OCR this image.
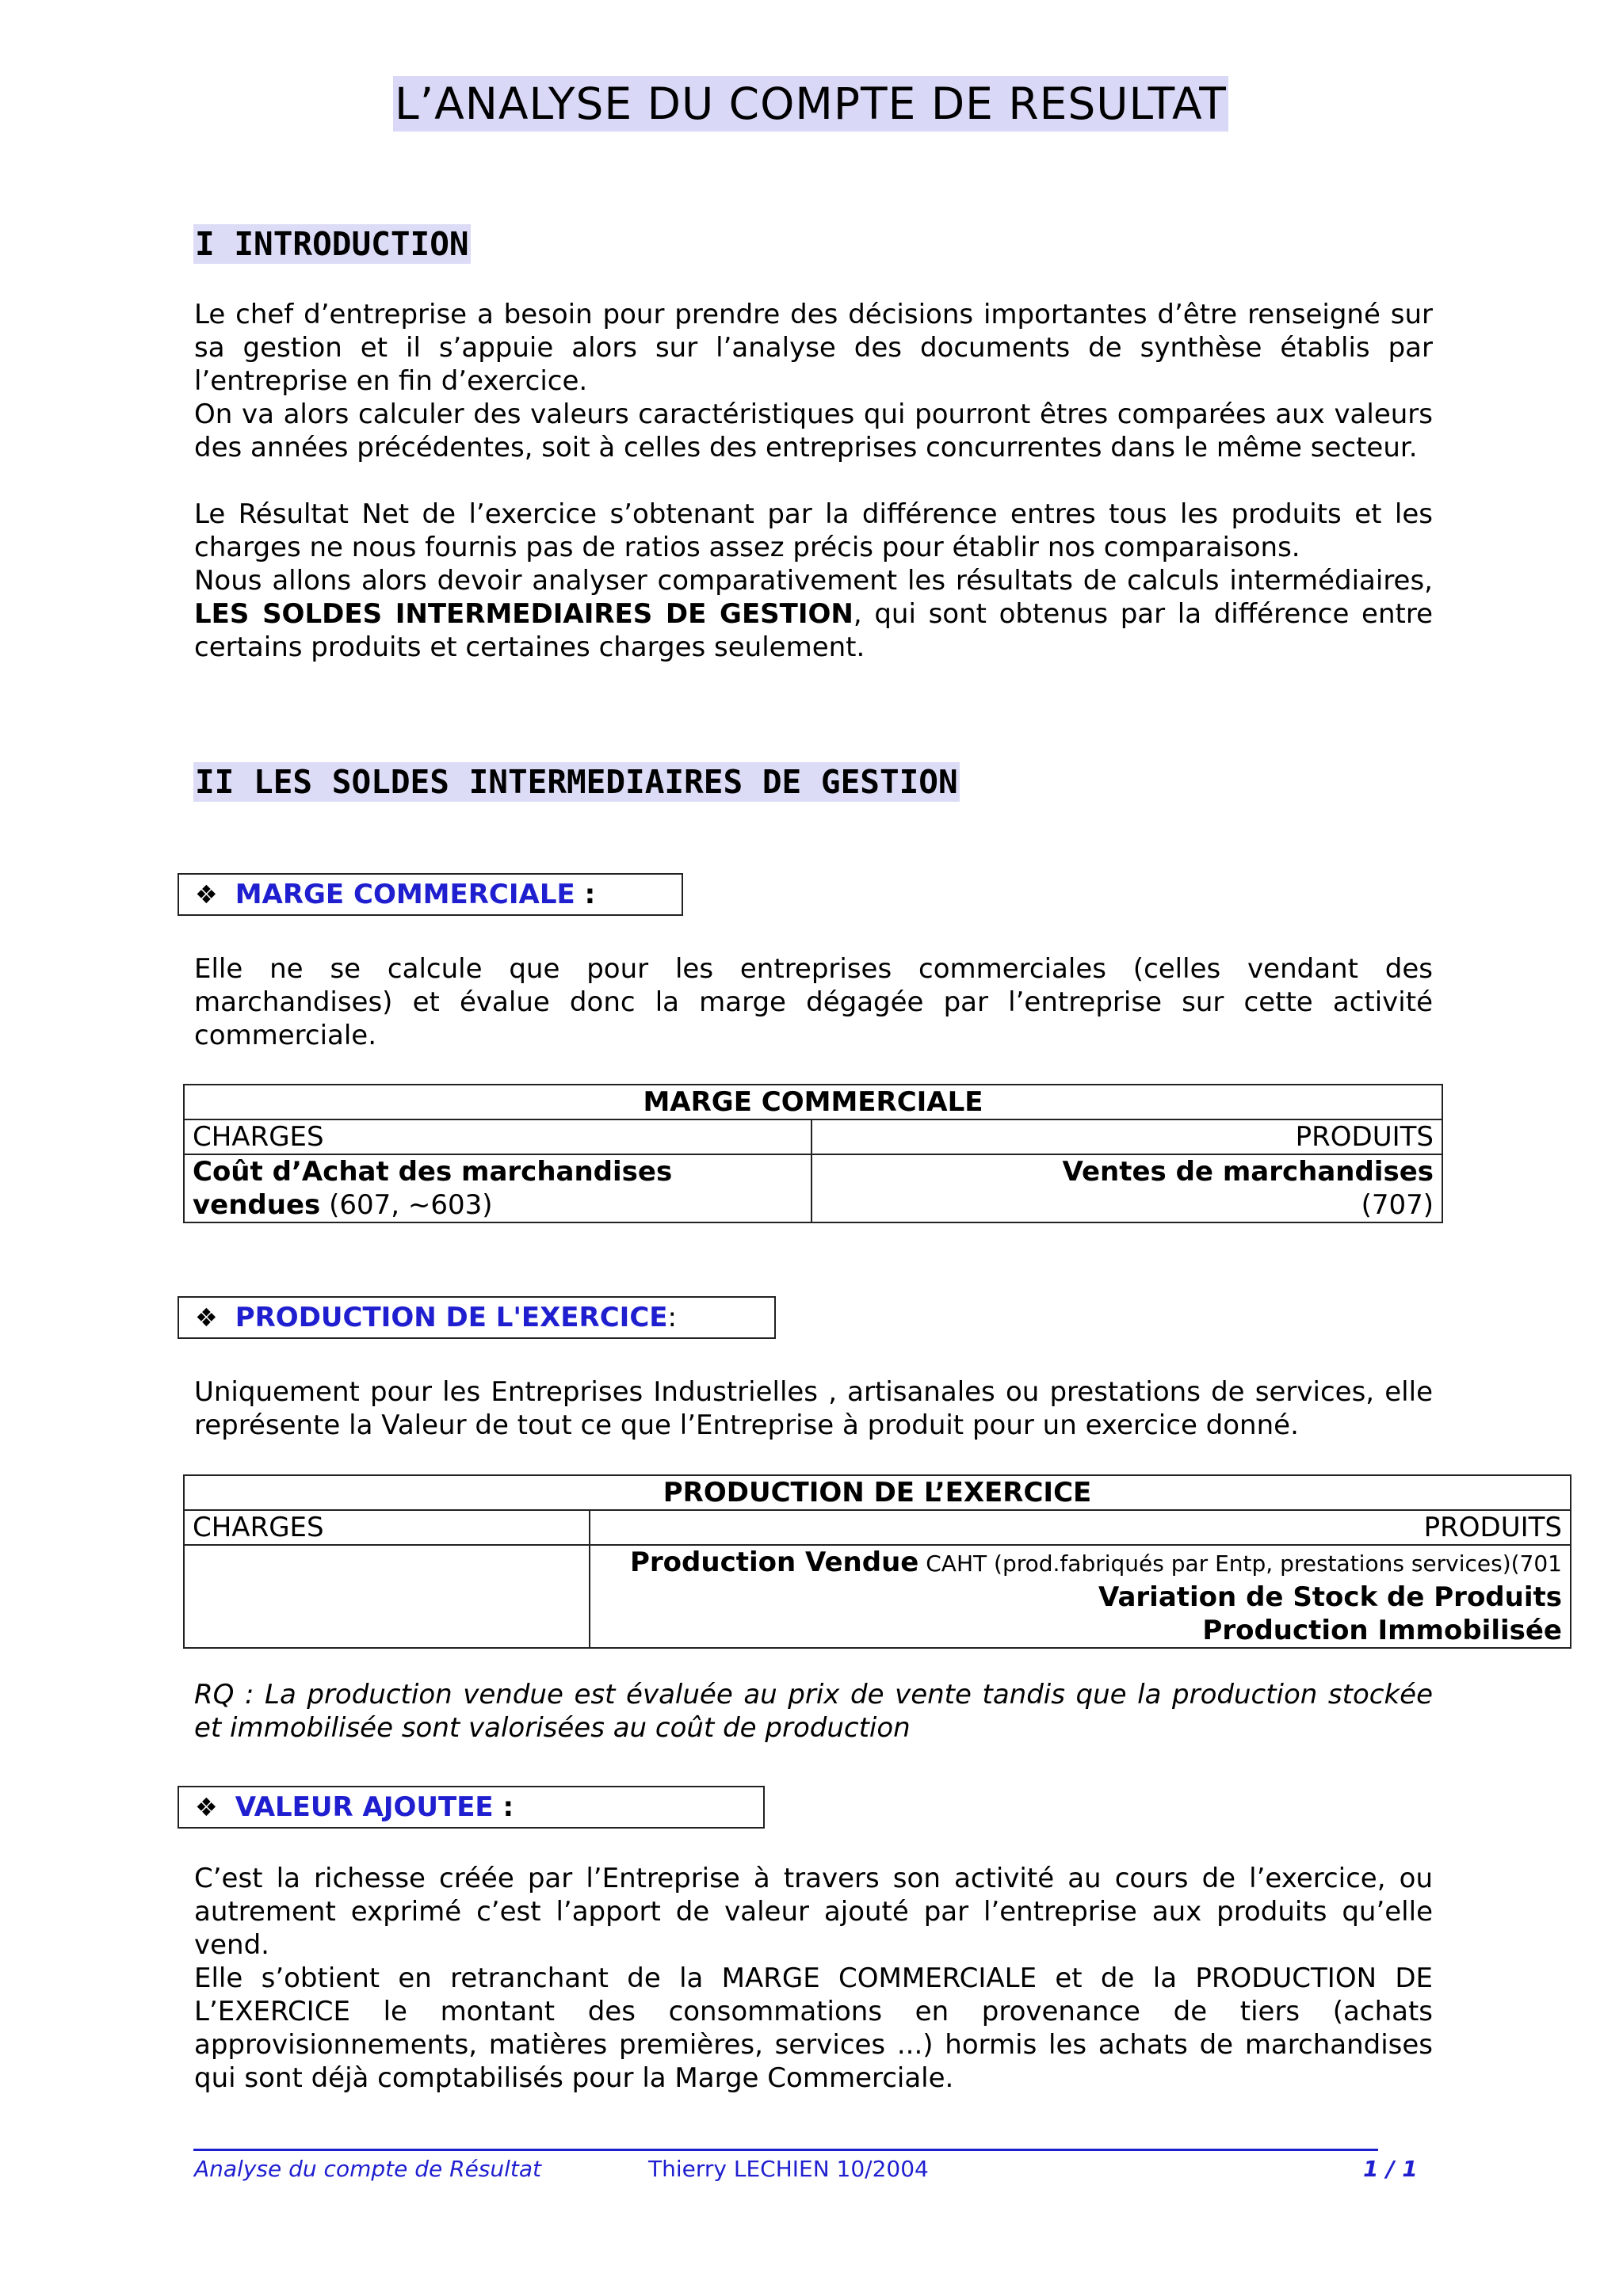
L’ANALYSE DU COMPTE DE RESULTAT
I INTRODUCTION

Le chef d’entreprise a besoin pour prendre des décisions importantes d’être renseigné sur sa gestion et il s’appuie alors sur l’analyse des documents de synthèse établis par l’entreprise en fin d’exercice.

On va alors calculer des valeurs caractéristiques qui pourront êtres comparées aux valeurs des années précédentes, soit à celles des entreprises concurrentes dans le même secteur.

Le Résultat Net de l’exercice s’obtenant par la différence entres tous les produits et les charges ne nous fournis pas de ratios assez précis pour établir nos comparaisons.

Nous allons alors devoir analyser comparativement les résultats de calculs intermédiaires, LES SOLDES INTERMEDIAIRES DE GESTION, qui sont obtenus par la différence entre certains produits et certaines charges seulement.

II LES SOLDES INTERMEDIAIRES DE GESTION
❖ MARGE COMMERCIALE :

Elle ne se calcule que pour les entreprises commerciales (celles vendant des marchandises) et évalue donc la marge dégagée par l’entreprise sur cette activité commerciale.

MARGE COMMERCIALE	
CHARGES	PRODUITS
Coût d’Achat des marchandises
vendues (607, ~603)	Ventes de marchandises
(707)
❖ PRODUCTION DE L'EXERCICE:

Uniquement pour les Entreprises Industrielles , artisanales ou prestations de services, elle représente la Valeur de tout ce que l’Entreprise à produit pour un exercice donné.

PRODUCTION DE L’EXERCICE	
CHARGES	PRODUITS
	Production Vendue CAHT (prod.fabriqués par Entp, prestations services)(701
Variation de Stock de Produits
Production Immobilisée

RQ : La production vendue est évaluée au prix de vente tandis que la production stockée et immobilisée sont valorisées au coût de production

❖ VALEUR AJOUTEE :

C’est la richesse créée par l’Entreprise à travers son activité au cours de l’exercice, ou autrement exprimé c’est l’apport de valeur ajouté par l’entreprise aux produits qu’elle vend.

Elle s’obtient en retranchant de la MARGE COMMERCIALE et de la PRODUCTION DE L’EXERCICE le montant des consommations en provenance de tiers (achats approvisionnements, matières premières, services ...) hormis les achats de marchandises qui sont déjà comptabilisés pour la Marge Commerciale.

Analyse du compte de Résultat	Thierry LECHIEN 10/2004	1 / 1
